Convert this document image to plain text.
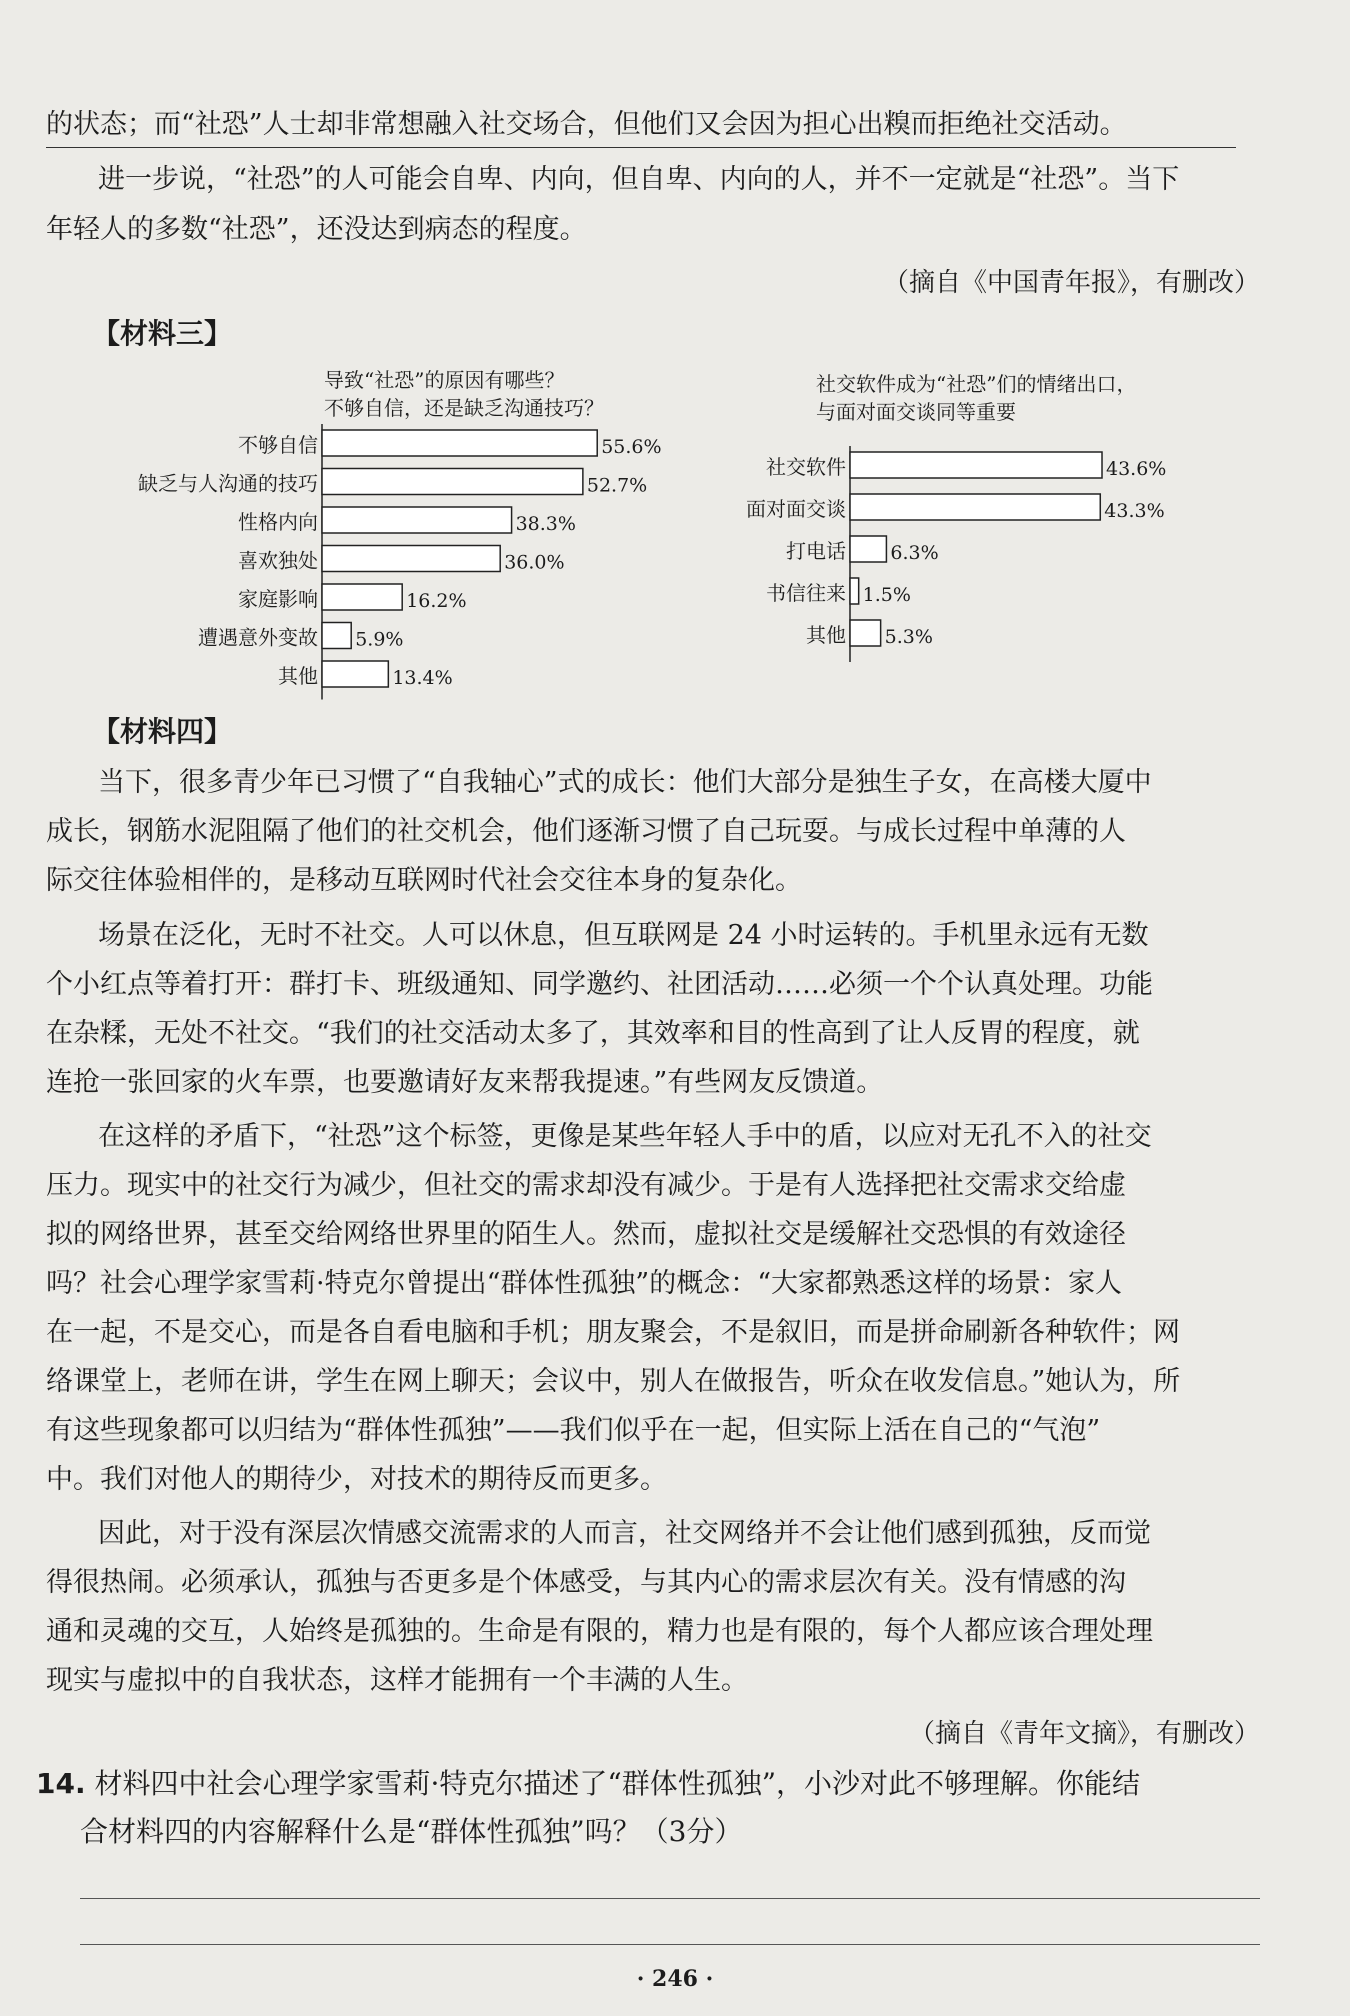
的状态；而“社恐”人士却非常想融入社交场合，但他们又会因为担心出糗而拒绝社交活动。
进一步说，“社恐”的人可能会自卑、内向，但自卑、内向的人，并不一定就是“社恐”。当下
年轻人的多数“社恐”，还没达到病态的程度。
（摘自《中国青年报》，有删改）
【材料三】
导致“社恐”的原因有哪些？
不够自信，还是缺乏沟通技巧？
不够自信	55.6%
缺乏与人沟通的技巧	52.7%
性格内向	38.3%
喜欢独处	36.0%
家庭影响	16.2%
遭遇意外变故 5.9%
其他	13.4%
社交软件成为“社恐”们的情绪出口，
与面对面交谈同等重要
社交软件	43.6%
面对面交谈	43.3%
打电话 6.3%
书信往来 1.5%
其他 5.3%
【材料四】
当下，很多青少年已习惯了“自我轴心”式的成长：他们大部分是独生子女，在高楼大厦中
成长，钢筋水泥阻隔了他们的社交机会，他们逐渐习惯了自己玩耍。与成长过程中单薄的人
际交往体验相伴的，是移动互联网时代社会交往本身的复杂化。
场景在泛化，无时不社交。人可以休息，但互联网是 24 小时运转的。手机里永远有无数
个小红点等着打开：群打卡、班级通知、同学邀约、社团活动……必须一个个认真处理。功能
在杂糅，无处不社交。“我们的社交活动太多了，其效率和目的性高到了让人反胃的程度，就
连抢一张回家的火车票，也要邀请好友来帮我提速。”有些网友反馈道。
在这样的矛盾下，“社恐”这个标签，更像是某些年轻人手中的盾，以应对无孔不入的社交
压力。现实中的社交行为减少，但社交的需求却没有减少。于是有人选择把社交需求交给虚
拟的网络世界，甚至交给网络世界里的陌生人。然而，虚拟社交是缓解社交恐惧的有效途径
吗？社会心理学家雪莉·特克尔曾提出“群体性孤独”的概念：“大家都熟悉这样的场景：家人
在一起，不是交心，而是各自看电脑和手机；朋友聚会，不是叙旧，而是拼命刷新各种软件；网
络课堂上，老师在讲，学生在网上聊天；会议中，别人在做报告，听众在收发信息。”她认为，所
有这些现象都可以归结为“群体性孤独”——我们似乎在一起，但实际上活在自己的“气泡”
中。我们对他人的期待少，对技术的期待反而更多。
因此，对于没有深层次情感交流需求的人而言，社交网络并不会让他们感到孤独，反而觉
得很热闹。必须承认，孤独与否更多是个体感受，与其内心的需求层次有关。没有情感的沟
通和灵魂的交互，人始终是孤独的。生命是有限的，精力也是有限的，每个人都应该合理处理
现实与虚拟中的自我状态，这样才能拥有一个丰满的人生。
（摘自《青年文摘》，有删改）
14. 材料四中社会心理学家雪莉·特克尔描述了“群体性孤独”，小沙对此不够理解。你能结
合材料四的内容解释什么是“群体性孤独”吗？（3分）
· 246 ·
